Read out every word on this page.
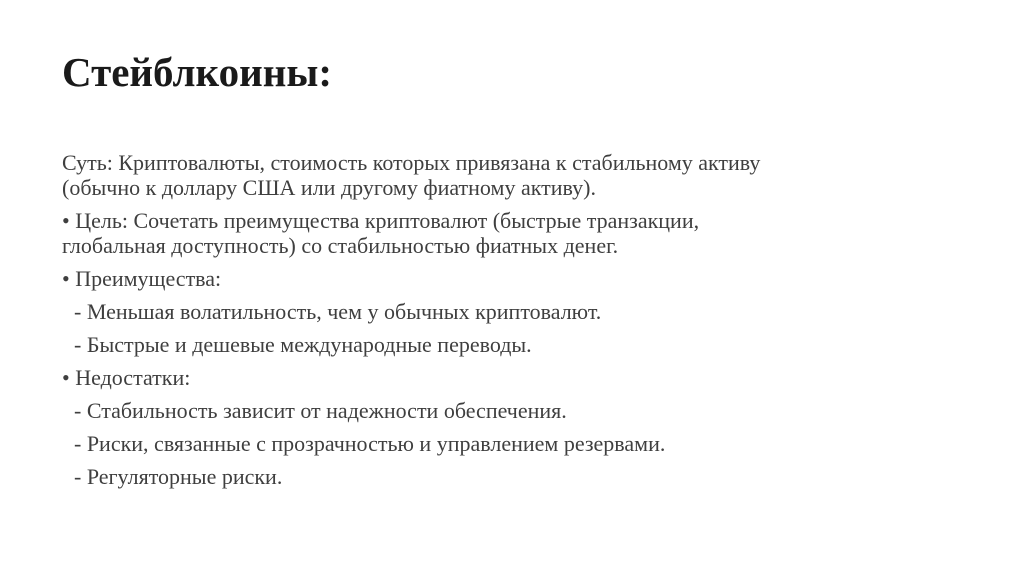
Стейблкоины:

Суть: Криптовалюты, стоимость которых привязана к стабильному активу
(обычно к доллару США или другому фиатному активу).

• Цель: Сочетать преимущества криптовалют (быстрые транзакции,
глобальная доступность) со стабильностью фиатных денег.

• Преимущества:

- Меньшая волатильность, чем у обычных криптовалют.

- Быстрые и дешевые международные переводы.

• Недостатки:

- Стабильность зависит от надежности обеспечения.

- Риски, связанные с прозрачностью и управлением резервами.

- Регуляторные риски.
